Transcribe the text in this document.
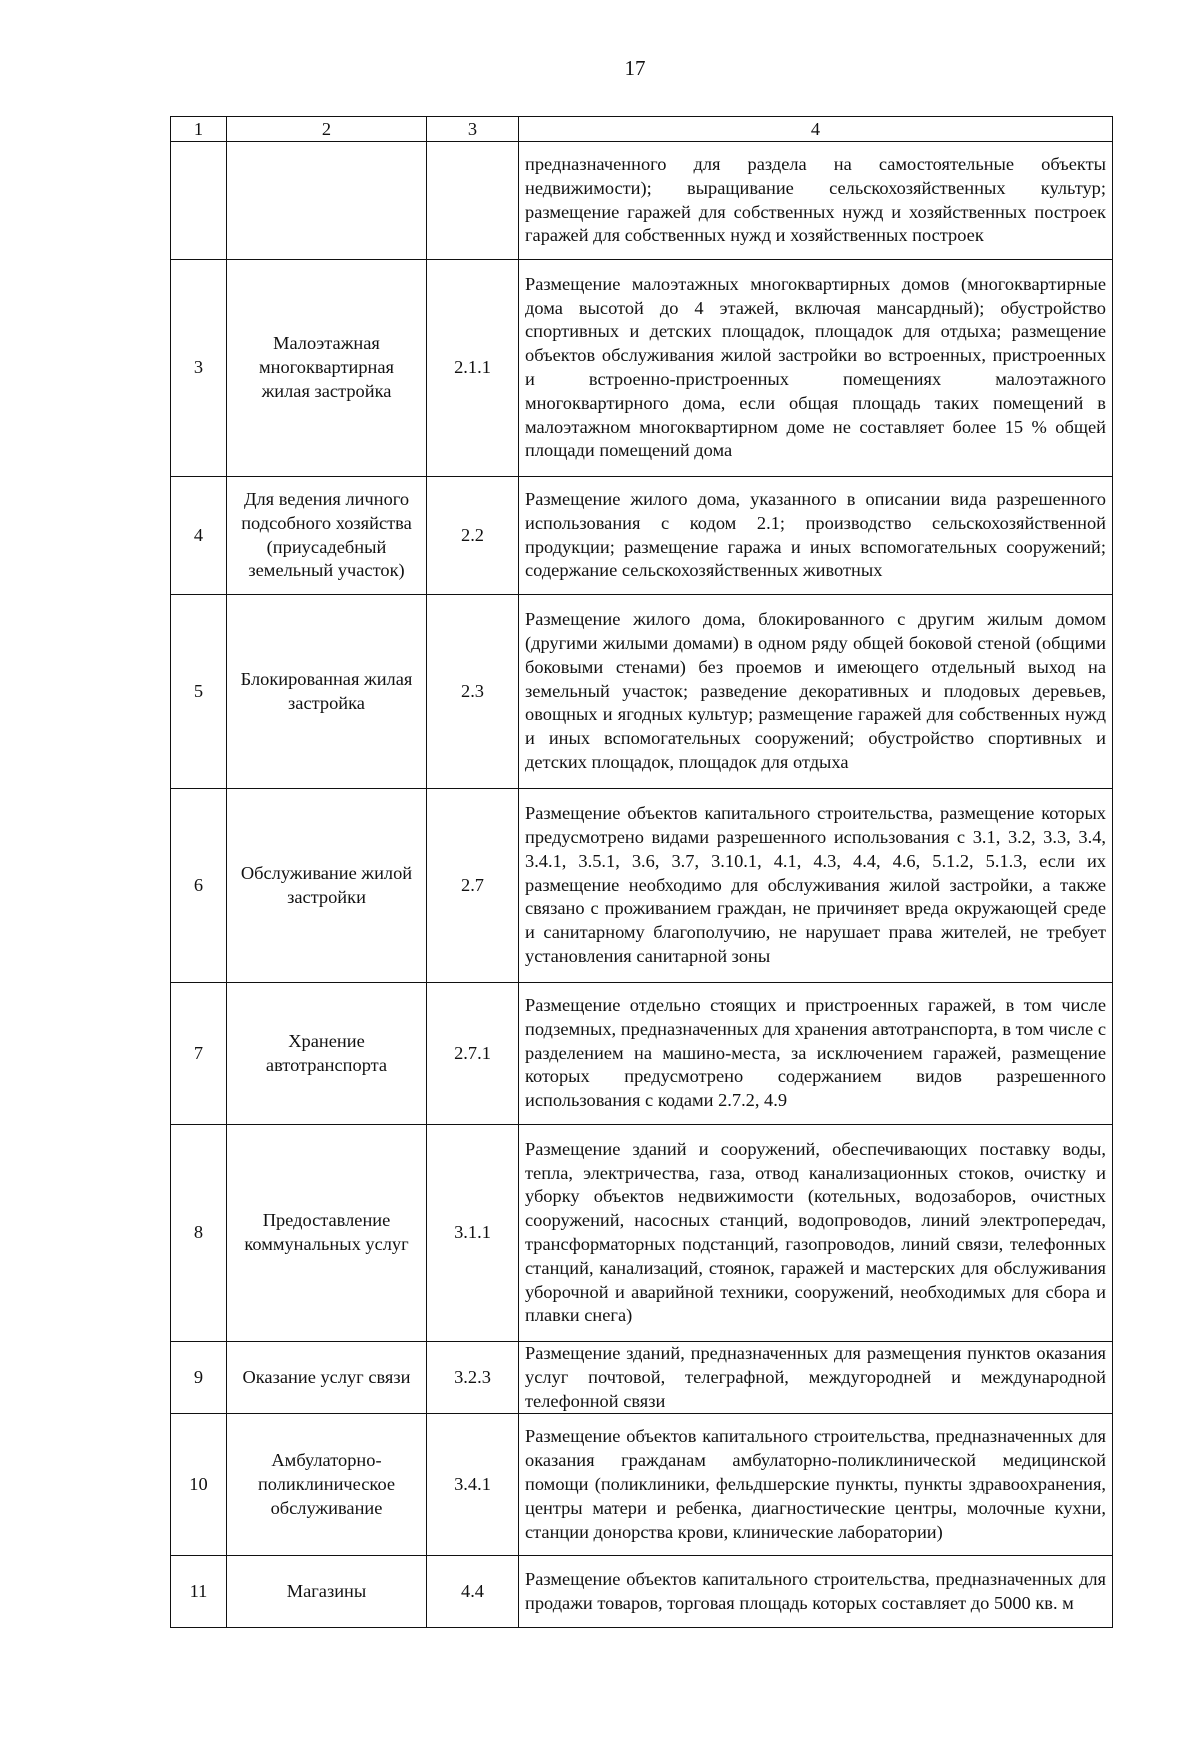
17
1	2	3	4
			предназначенного для раздела на самостоятельные объекты недвижимости); выращивание сельскохозяйственных культур; размещение гаражей для собственных нужд и хозяйственных построек гаражей для собственных нужд и хозяйственных построек
3	Малоэтажная многоквартирная жилая застройка	2.1.1	Размещение малоэтажных многоквартирных домов (многоквартирные дома высотой до 4 этажей, включая мансардный); обустройство спортивных и детских площадок, площадок для отдыха; размещение объектов обслуживания жилой застройки во встроенных, пристроенных и встроенно-пристроенных помещениях малоэтажного многоквартирного дома, если общая площадь таких помещений в малоэтажном многоквартирном доме не составляет более 15 % общей площади помещений дома
4	Для ведения личного подсобного хозяйства (приусадебный земельный участок)	2.2	Размещение жилого дома, указанного в описании вида разрешенного использования с кодом 2.1; производство сельскохозяйственной продукции; размещение гаража и иных вспомогательных сооружений; содержание сельскохозяйственных животных
5	Блокированная жилая застройка	2.3	Размещение жилого дома, блокированного с другим жилым домом (другими жилыми домами) в одном ряду общей боковой стеной (общими боковыми стенами) без проемов и имеющего отдельный выход на земельный участок; разведение декоративных и плодовых деревьев, овощных и ягодных культур; размещение гаражей для собственных нужд и иных вспомогательных сооружений; обустройство спортивных и детских площадок, площадок для отдыха
6	Обслуживание жилой застройки	2.7	Размещение объектов капитального строительства, размещение которых предусмотрено видами разрешенного использования с 3.1, 3.2, 3.3, 3.4, 3.4.1, 3.5.1, 3.6, 3.7, 3.10.1, 4.1, 4.3, 4.4, 4.6, 5.1.2, 5.1.3, если их размещение необходимо для обслуживания жилой застройки, а также связано с проживанием граждан, не причиняет вреда окружающей среде и санитарному благополучию, не нарушает права жителей, не требует установления санитарной зоны
7	Хранение автотранспорта	2.7.1	Размещение отдельно стоящих и пристроенных гаражей, в том числе подземных, предназначенных для хранения автотранспорта, в том числе с разделением на машино-места, за исключением гаражей, размещение которых предусмотрено содержанием видов разрешенного использования с кодами 2.7.2, 4.9
8	Предоставление коммунальных услуг	3.1.1	Размещение зданий и сооружений, обеспечивающих поставку воды, тепла, электричества, газа, отвод канализационных стоков, очистку и уборку объектов недвижимости (котельных, водозаборов, очистных сооружений, насосных станций, водопроводов, линий электропередач, трансформаторных подстанций, газопроводов, линий связи, телефонных станций, канализаций, стоянок, гаражей и мастерских для обслуживания уборочной и аварийной техники, сооружений, необходимых для сбора и плавки снега)
9	Оказание услуг связи	3.2.3	Размещение зданий, предназначенных для размещения пунктов оказания услуг почтовой, телеграфной, междугородней и международной телефонной связи
10	Амбулаторно-поликлиническое обслуживание	3.4.1	Размещение объектов капитального строительства, предназначенных для оказания гражданам амбулаторно-поликлинической медицинской помощи (поликлиники, фельдшерские пункты, пункты здравоохранения, центры матери и ребенка, диагностические центры, молочные кухни, станции донорства крови, клинические лаборатории)
11	Магазины	4.4	Размещение объектов капитального строительства, предназначенных для продажи товаров, торговая площадь которых составляет до 5000 кв. м
